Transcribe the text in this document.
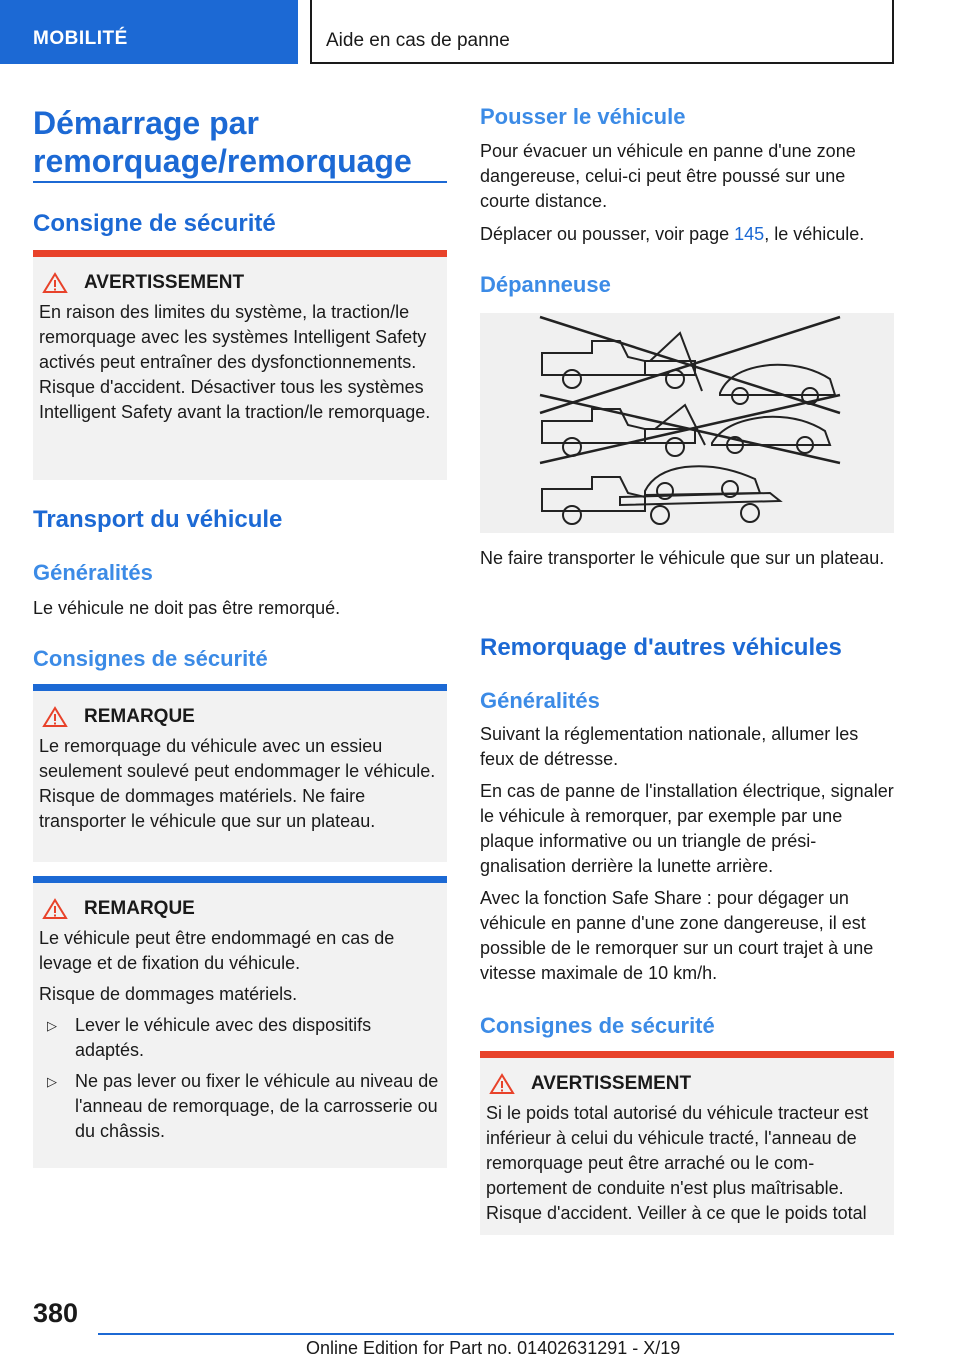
MOBILITÉ	Aide en cas de panne
Démarrage par remorquage/remorquage
Consigne de sécurité
AVERTISSEMENT

En raison des limites du système, la traction/le remorquage avec les systèmes Intelligent Safety activés peut entraîner des dysfonctionnements. Risque d'accident. Désactiver tous les systèmes Intelligent Safety avant la traction/le remorquage.

Transport du véhicule
Généralités

Le véhicule ne doit pas être remorqué.

Consignes de sécurité
REMARQUE

Le remorquage du véhicule avec un essieu seulement soulevé peut endommager le véhicule. Risque de dommages matériels. Ne faire transporter le véhicule que sur un plateau.

REMARQUE

Le véhicule peut être endommagé en cas de levage et de fixation du véhicule.

Risque de dommages matériels.

▷ Lever le véhicule avec des dispositifs adaptés.
▷ Ne pas lever ou fixer le véhicule au niveau de l'anneau de remorquage, de la carrosserie ou du châssis.
Pousser le véhicule

Pour évacuer un véhicule en panne d'une zone dangereuse, celui-ci peut être poussé sur une courte distance.

Déplacer ou pousser, voir page 145, le véhicule.

Dépanneuse

Ne faire transporter le véhicule que sur un plateau.

Remorquage d'autres véhicules
Généralités

Suivant la réglementation nationale, allumer les feux de détresse.

En cas de panne de l'installation électrique, signaler le véhicule à remorquer, par exemple par une plaque informative ou un triangle de présignalisation derrière la lunette arrière.

Avec la fonction Safe Share : pour dégager un véhicule en panne d'une zone dangereuse, il est possible de le remorquer sur un court trajet à une vitesse maximale de 10 km/h.

Consignes de sécurité
AVERTISSEMENT

Si le poids total autorisé du véhicule tracteur est inférieur à celui du véhicule tracté, l'anneau de remorquage peut être arraché ou le comportement de conduite n'est plus maîtrisable. Risque d'accident. Veiller à ce que le poids total

380
Online Edition for Part no. 01402631291 - X/19
